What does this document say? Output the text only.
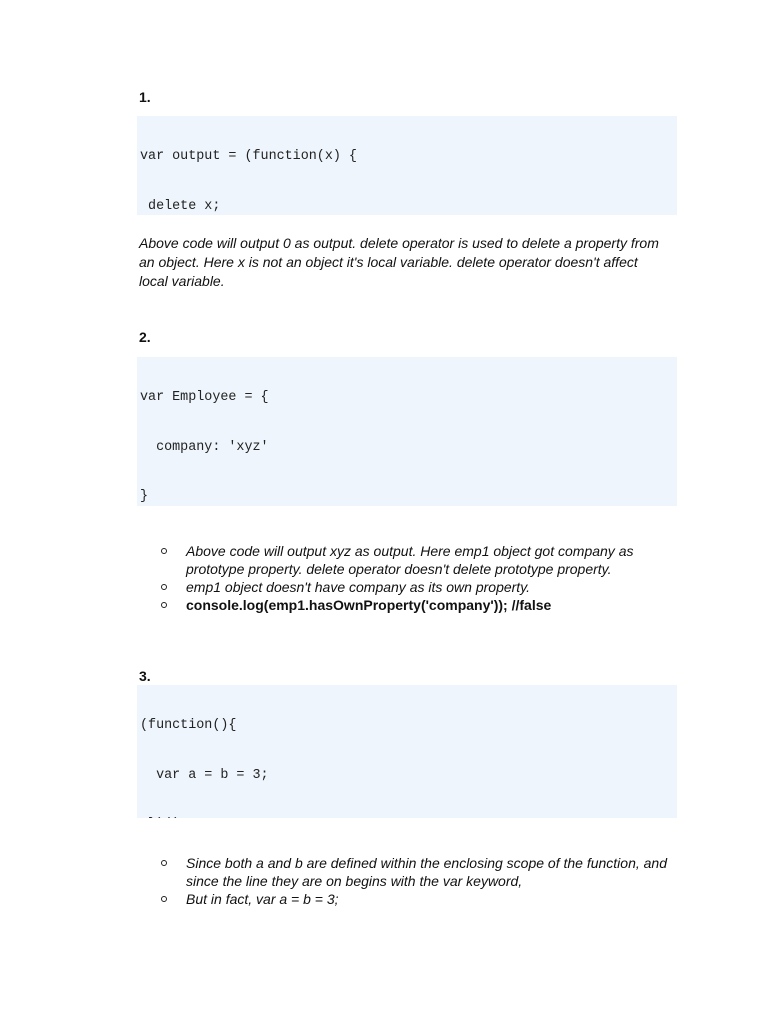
1.

var output = (function(x) {

delete x;

Above code will output 0 as output. delete operator is used to delete a property from an object. Here x is not an object it's local variable. delete operator doesn't affect local variable.

2.

var Employee = {

company: 'xyz'

}

Above code will output xyz as output. Here emp1 object got company as prototype property. delete operator doesn't delete prototype property.
emp1 object doesn't have company as its own property.
console.log(emp1.hasOwnProperty('company')); //false

3.

(function(){

var a = b = 3;

Since both a and b are defined within the enclosing scope of the function, and since the line they are on begins with the var keyword,
But in fact, var a = b = 3;
